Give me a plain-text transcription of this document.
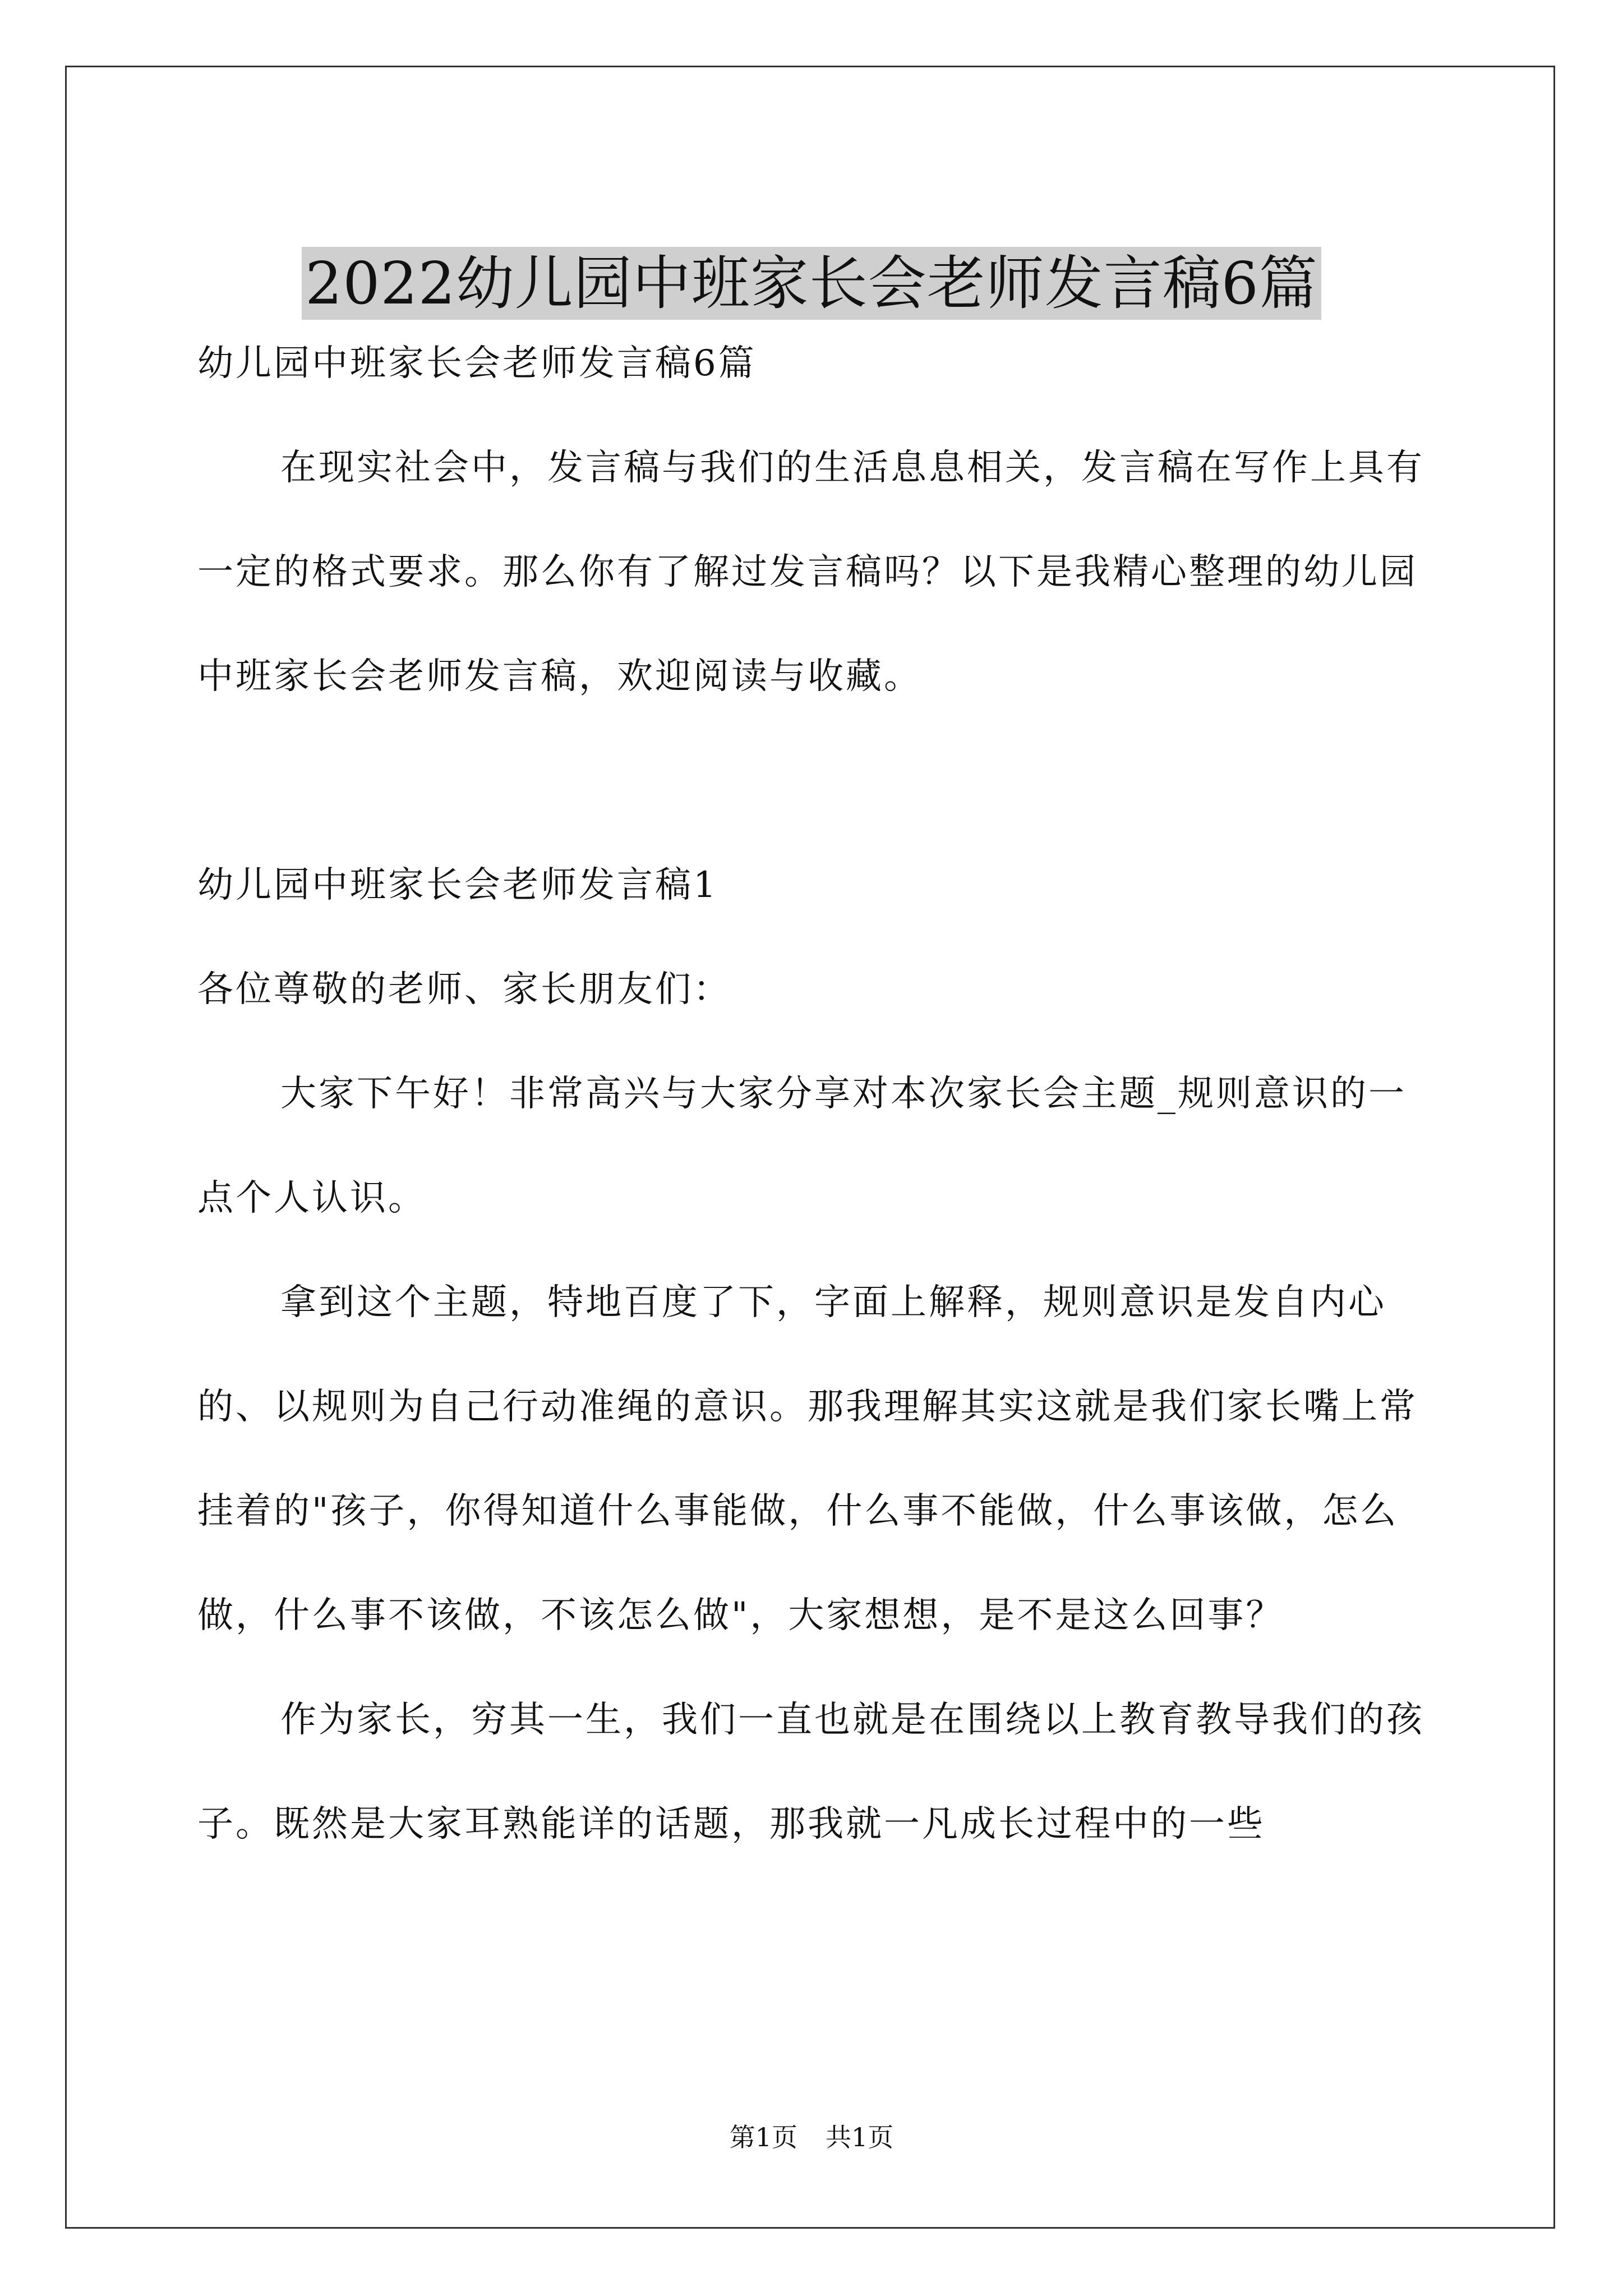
2022幼儿园中班家长会老师发言稿6篇

幼儿园中班家长会老师发言稿6篇

在现实社会中，发言稿与我们的生活息息相关，发言稿在写作上具有一定的格式要求。那么你有了解过发言稿吗？以下是我精心整理的幼儿园中班家长会老师发言稿，欢迎阅读与收藏。

幼儿园中班家长会老师发言稿1

各位尊敬的老师、家长朋友们：

大家下午好！非常高兴与大家分享对本次家长会主题_规则意识的一点个人认识。

拿到这个主题，特地百度了下，字面上解释，规则意识是发自内心的、以规则为自己行动准绳的意识。那我理解其实这就是我们家长嘴上常挂着的"孩子，你得知道什么事能做，什么事不能做，什么事该做，怎么做，什么事不该做，不该怎么做"，大家想想，是不是这么回事？

作为家长，穷其一生，我们一直也就是在围绕以上教育教导我们的孩子。既然是大家耳熟能详的话题，那我就一凡成长过程中的一些

第1页 共1页
